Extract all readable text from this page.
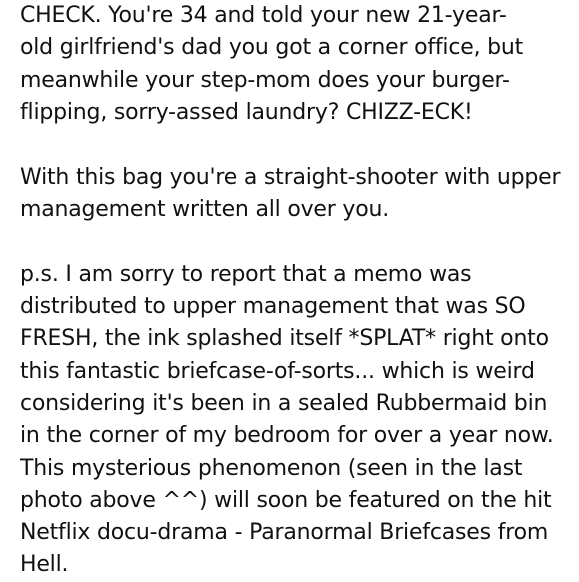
CHECK. You're 34 and told your new 21-year-
old girlfriend's dad you got a corner office, but
meanwhile your step-mom does your burger-
flipping, sorry-assed laundry? CHIZZ-ECK!

With this bag you're a straight-shooter with upper
management written all over you.

p.s. I am sorry to report that a memo was
distributed to upper management that was SO
FRESH, the ink splashed itself *SPLAT* right onto
this fantastic briefcase-of-sorts... which is weird
considering it's been in a sealed Rubbermaid bin
in the corner of my bedroom for over a year now.
This mysterious phenomenon (seen in the last
photo above ^^) will soon be featured on the hit
Netflix docu-drama - Paranormal Briefcases from
Hell.
